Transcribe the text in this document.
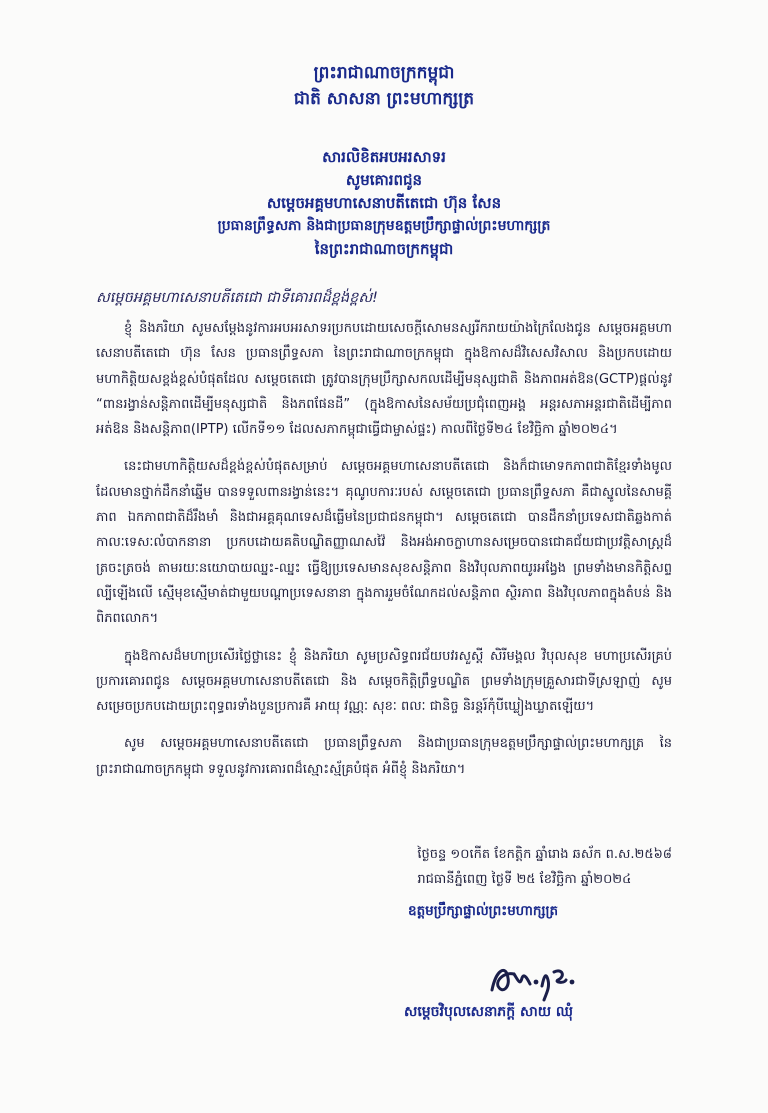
ព្រះរាជាណាចក្រកម្ពុជា
ជាតិ សាសនា ព្រះមហាក្សត្រ
សារលិខិតអបអរសាទរ
សូមគោរពជូន
សម្ដេចអគ្គមហាសេនាបតីតេជោ ហ៊ុន សែន
ប្រធានព្រឹទ្ធសភា និងជាប្រធានក្រុមឧត្តមប្រឹក្សាផ្ទាល់ព្រះមហាក្សត្រ
នៃព្រះរាជាណាចក្រកម្ពុជា
សម្ដេចអគ្គមហាសេនាបតីតេជោ ជាទីគោរពដ៏ខ្ពង់ខ្ពស់!

ខ្ញុំ និងភរិយា សូមសម្ដែងនូវការអបអរសាទរប្រកបដោយសេចក្ដីសោមនស្សរីករាយយ៉ាងក្រៃលែងជូន សម្ដេចអគ្គមហាសេនាបតីតេជោ ហ៊ុន សែន ប្រធានព្រឹទ្ធសភា នៃព្រះរាជាណាចក្រកម្ពុជា ក្នុងឱកាសដ៏វិសេសវិសាល និងប្រកបដោយមហាកិត្តិយសខ្ពង់ខ្ពស់បំផុតដែល សម្ដេចតេជោ ត្រូវបានក្រុមប្រឹក្សាសកលដើម្បីមនុស្សជាតិ និងភាពអត់ឱន(GCTP)ផ្ដល់នូវ “ពានរង្វាន់សន្តិភាពដើម្បីមនុស្សជាតិ និងភពផែនដី” (ក្នុងឱកាសនៃសម័យប្រជុំពេញអង្គ អន្តរសភាអន្តរជាតិដើម្បីភាពអត់ឱន និងសន្តិភាព(IPTP) លើកទី១១ ដែលសភាកម្ពុជាធ្វើជាម្ចាស់ផ្ទះ) កាលពីថ្ងៃទី២៤ ខែវិច្ឆិកា ឆ្នាំ២០២៤។

នេះជាមហាកិត្តិយសដ៏ខ្ពង់ខ្ពស់បំផុតសម្រាប់ សម្ដេចអគ្គមហាសេនាបតីតេជោ និងក៏ជាមោទកភាពជាតិខ្មែរទាំងមូល ដែលមានថ្នាក់ដឹកនាំឆ្នើម បានទទួលពានរង្វាន់នេះ។ គុណូបការៈរបស់ សម្ដេចតេជោ ប្រធានព្រឹទ្ធសភា គឺជាស្នូលនៃសាមគ្គីភាព ឯកភាពជាតិដ៏រឹងមាំ និងជាអគ្គគុណទេសដ៏ធ្លើមនៃប្រជាជនកម្ពុជា។ សម្ដេចតេជោ បានដឹកនាំប្រទេសជាតិឆ្លងកាត់កាលៈទេសៈលំបាកនានា ប្រកបដោយគតិបណ្ឌិតញ្ញាណសវ៉ៃ និងអង់អាចក្លាហានសម្រេចបានជោគជ័យជាប្រវត្តិសាស្ត្រដ៏ត្រចះត្រចង់ តាមរយៈនយោបាយឈ្នះ-ឈ្នះ ធ្វើឱ្យប្រទេសមានសុខសន្តិភាព និងវិបុលភាពយូរអង្វែង ព្រមទាំងមានកិត្តិសព្ទល្បីឡើងលើ ស្មើមុខស្មើមាត់ជាមួយបណ្ដាប្រទេសនានា ក្នុងការរួមចំណែកដល់សន្តិភាព ស្ថិរភាព និងវិបុលភាពក្នុងតំបន់ និងពិភពលោក។

ក្នុងឱកាសដ៏មហាប្រសើរថ្លៃថ្លានេះ ខ្ញុំ និងភរិយា សូមប្រសិទ្ធពរជ័យបវរសួស្ដី សិរីមង្គល វិបុលសុខ មហាប្រសើរគ្រប់ប្រការគោរពជូន សម្ដេចអគ្គមហាសេនាបតីតេជោ និង សម្ដេចកិត្តិព្រឹទ្ធបណ្ឌិត ព្រមទាំងក្រុមគ្រួសារជាទីស្រឡាញ់ សូមសម្រេចប្រកបដោយព្រះពុទ្ធពរទាំងបួនប្រការគឺ អាយុ វណ្ណៈ សុខៈ ពលៈ ជានិច្ច និរន្តរ៍កុំបីឃ្លៀងឃ្លាតឡើយ។

សូម សម្ដេចអគ្គមហាសេនាបតីតេជោ ប្រធានព្រឹទ្ធសភា និងជាប្រធានក្រុមឧត្តមប្រឹក្សាផ្ទាល់ព្រះមហាក្សត្រ នៃព្រះរាជាណាចក្រកម្ពុជា ទទួលនូវការគោរពដ៏ស្មោះស្ម័គ្រ​បំផុត អំពីខ្ញុំ និងភរិយា។

ថ្ងៃចន្ទ ១០កើត ខែកត្តិក ឆ្នាំរោង ឆស័ក ព.ស.២៥៦៨
រាជធានីភ្នំពេញ ថ្ងៃទី ២៥ ខែវិច្ឆិកា ឆ្នាំ២០២៤
ឧត្តមប្រឹក្សាផ្ទាល់ព្រះមហាក្សត្រ
សម្ដេចវិបុលសេនាភក្តី សាយ ឈុំ
